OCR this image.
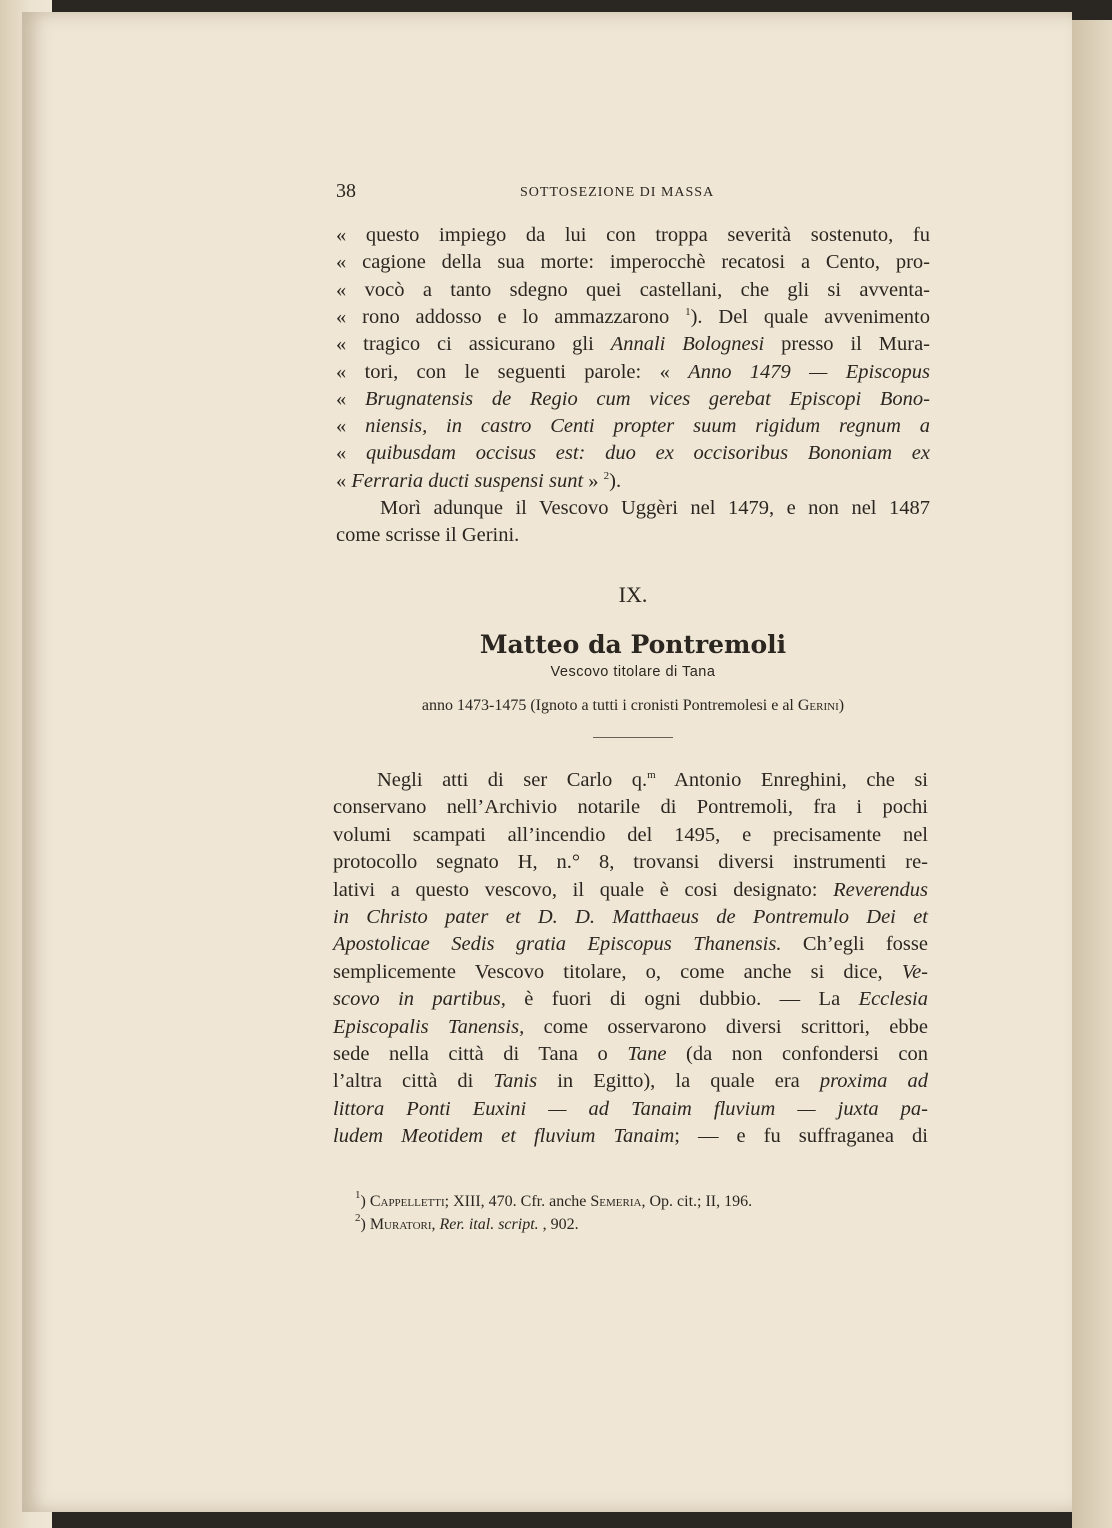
38	SOTTOSEZIONE DI MASSA
« questo impiego da lui con troppa severità sostenuto, fu
« cagione della sua morte: imperocchè recatosi a Cento, pro-
« vocò a tanto sdegno quei castellani, che gli si avventa-
« rono addosso e lo ammazzarono $^1$). Del quale avvenimento
« tragico ci assicurano gli Annali Bolognesi presso il Mura-
« tori, con le seguenti parole: « Anno 1479 — Episcopus
« Brugnatensis de Regio cum vices gerebat Episcopi Bono-
« niensis, in castro Centi propter suum rigidum regnum a
« quibusdam occisus est: duo ex occisoribus Bononiam ex
« Ferraria ducti suspensi sunt » $^2$).
Morì adunque il Vescovo Uggèri nel 1479, e non nel 1487
come scrisse il Gerini.
IX.
Matteo da Pontremoli
Vescovo titolare di Tana
anno 1473-1475 (Ignoto a tutti i cronisti Pontremolesi e al Gerini)
Negli atti di ser Carlo q.$^m$ Antonio Enreghini, che si
conservano nell’Archivio notarile di Pontremoli, fra i pochi
volumi scampati all’incendio del 1495, e precisamente nel
protocollo segnato H, n.° 8, trovansi diversi instrumenti re-
lativi a questo vescovo, il quale è cosi designato: Reverendus
in Christo pater et D. D. Matthaeus de Pontremulo Dei et
Apostolicae Sedis gratia Episcopus Thanensis. Ch’egli fosse
semplicemente Vescovo titolare, o, come anche si dice, Ve-
scovo in partibus, è fuori di ogni dubbio. — La Ecclesia
Episcopalis Tanensis, come osservarono diversi scrittori, ebbe
sede nella città di Tana o Tane (da non confondersi con
l’altra città di Tanis in Egitto), la quale era proxima ad
littora Ponti Euxini — ad Tanaim fluvium — juxta pa-
ludem Meotidem et fluvium Tanaim; — e fu suffraganea di
$^1$) Cappelletti; XIII, 470. Cfr. anche Semeria, Op. cit.; II, 196.
$^2$) Muratori, Rer. ital. script. , 902.
